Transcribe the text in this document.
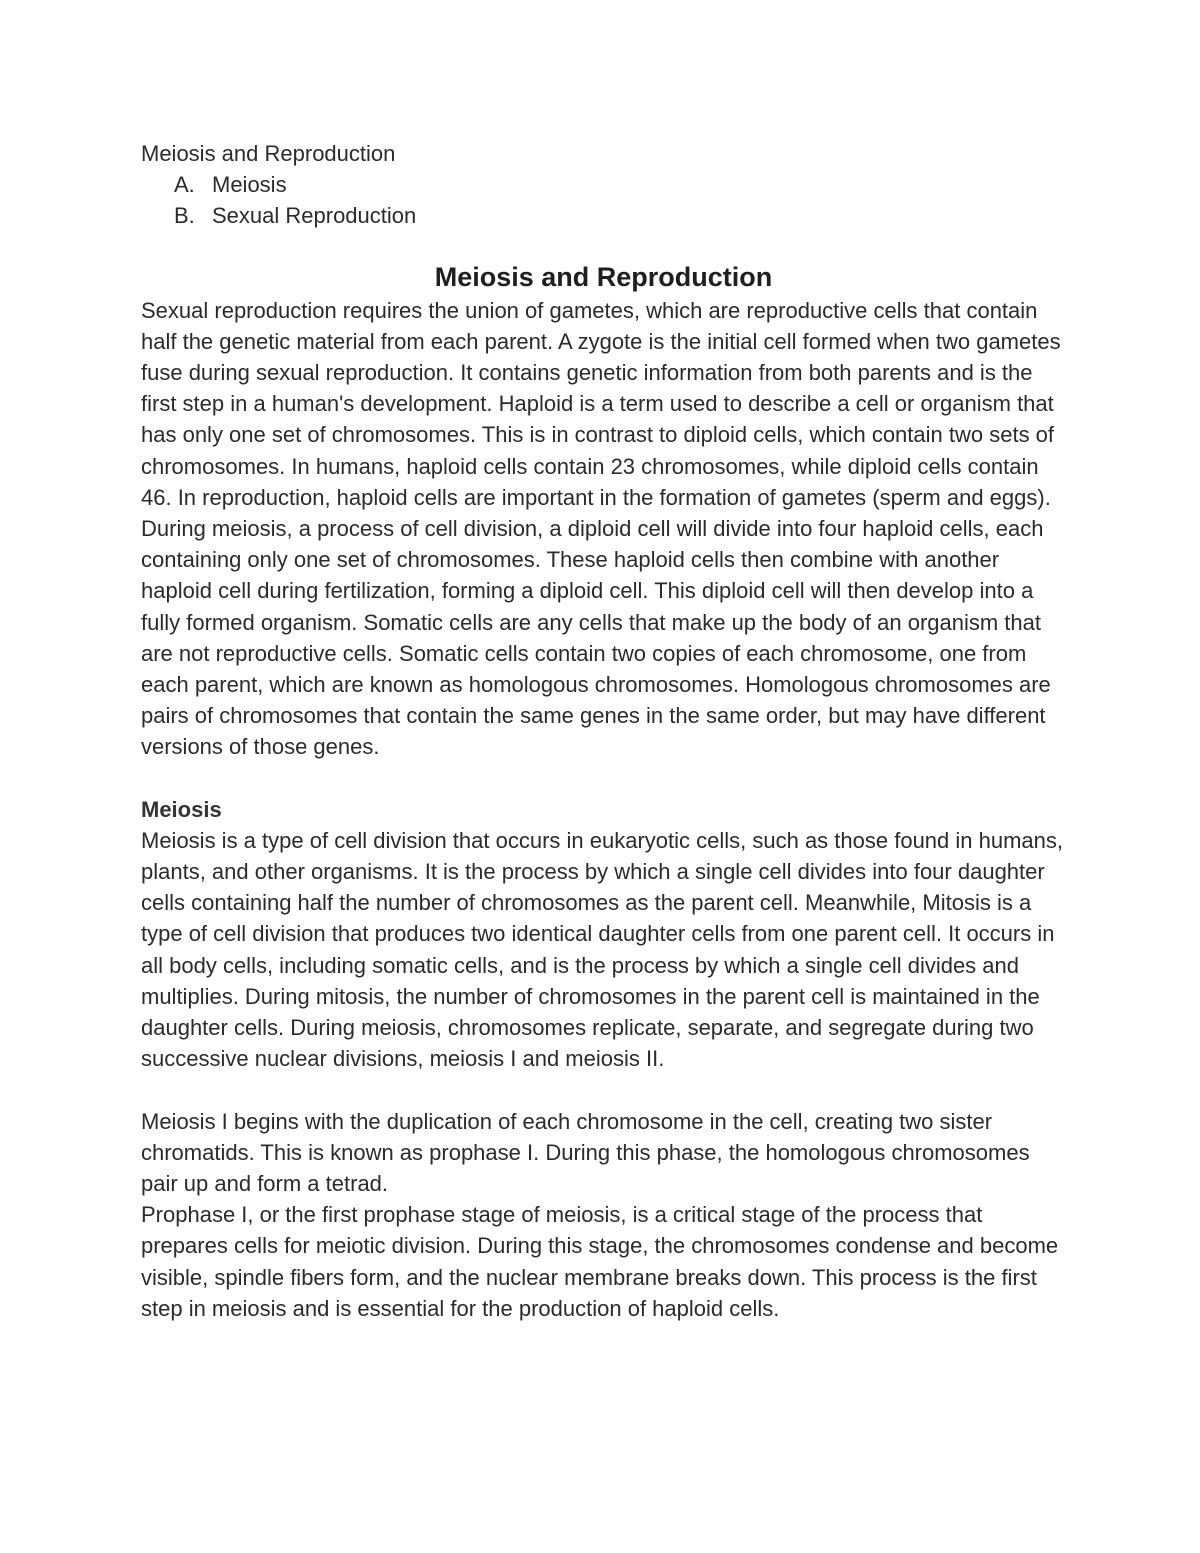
Meiosis and Reproduction
A. Meiosis
B. Sexual Reproduction
Meiosis and Reproduction

Sexual reproduction requires the union of gametes, which are reproductive cells that contain half the genetic material from each parent. A zygote is the initial cell formed when two gametes fuse during sexual reproduction. It contains genetic information from both parents and is the first step in a human's development. Haploid is a term used to describe a cell or organism that has only one set of chromosomes. This is in contrast to diploid cells, which contain two sets of chromosomes. In humans, haploid cells contain 23 chromosomes, while diploid cells contain 46. In reproduction, haploid cells are important in the formation of gametes (sperm and eggs). During meiosis, a process of cell division, a diploid cell will divide into four haploid cells, each containing only one set of chromosomes. These haploid cells then combine with another haploid cell during fertilization, forming a diploid cell. This diploid cell will then develop into a fully formed organism. Somatic cells are any cells that make up the body of an organism that are not reproductive cells. Somatic cells contain two copies of each chromosome, one from each parent, which are known as homologous chromosomes. Homologous chromosomes are pairs of chromosomes that contain the same genes in the same order, but may have different versions of those genes.

Meiosis

Meiosis is a type of cell division that occurs in eukaryotic cells, such as those found in humans, plants, and other organisms. It is the process by which a single cell divides into four daughter cells containing half the number of chromosomes as the parent cell. Meanwhile, Mitosis is a type of cell division that produces two identical daughter cells from one parent cell. It occurs in all body cells, including somatic cells, and is the process by which a single cell divides and multiplies. During mitosis, the number of chromosomes in the parent cell is maintained in the daughter cells. During meiosis, chromosomes replicate, separate, and segregate during two successive nuclear divisions, meiosis I and meiosis II.

Meiosis I begins with the duplication of each chromosome in the cell, creating two sister chromatids. This is known as prophase I. During this phase, the homologous chromosomes pair up and form a tetrad.

Prophase I, or the first prophase stage of meiosis, is a critical stage of the process that prepares cells for meiotic division. During this stage, the chromosomes condense and become visible, spindle fibers form, and the nuclear membrane breaks down. This process is the first step in meiosis and is essential for the production of haploid cells.
